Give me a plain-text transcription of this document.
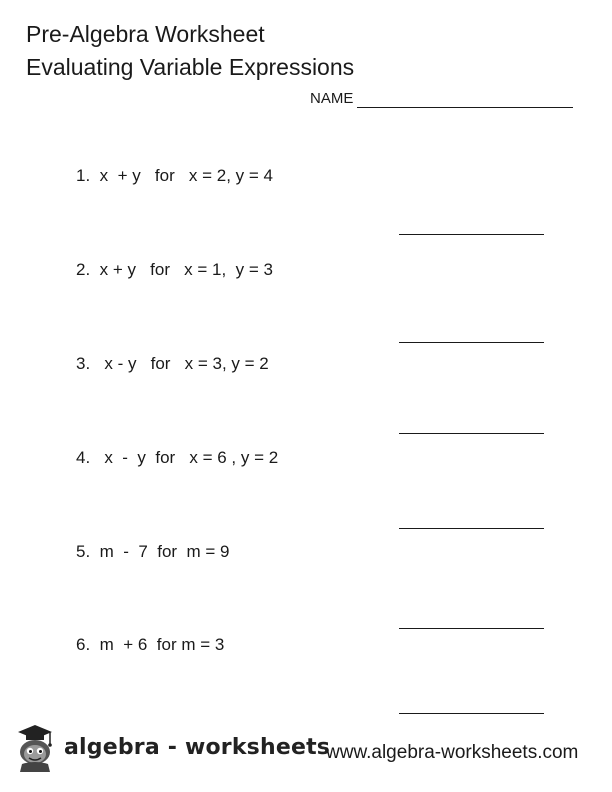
Pre-Algebra Worksheet
Evaluating Variable Expressions
NAME
1.  x  + y   for   x = 2, y = 4
2.  x + y   for   x = 1,  y = 3
3.   x - y   for   x = 3, y = 2
4.   x  -  y  for   x = 6 , y = 2
5.  m  -  7  for  m = 9
6.  m  + 6  for m = 3
algebra - worksheets
www.algebra-worksheets.com
